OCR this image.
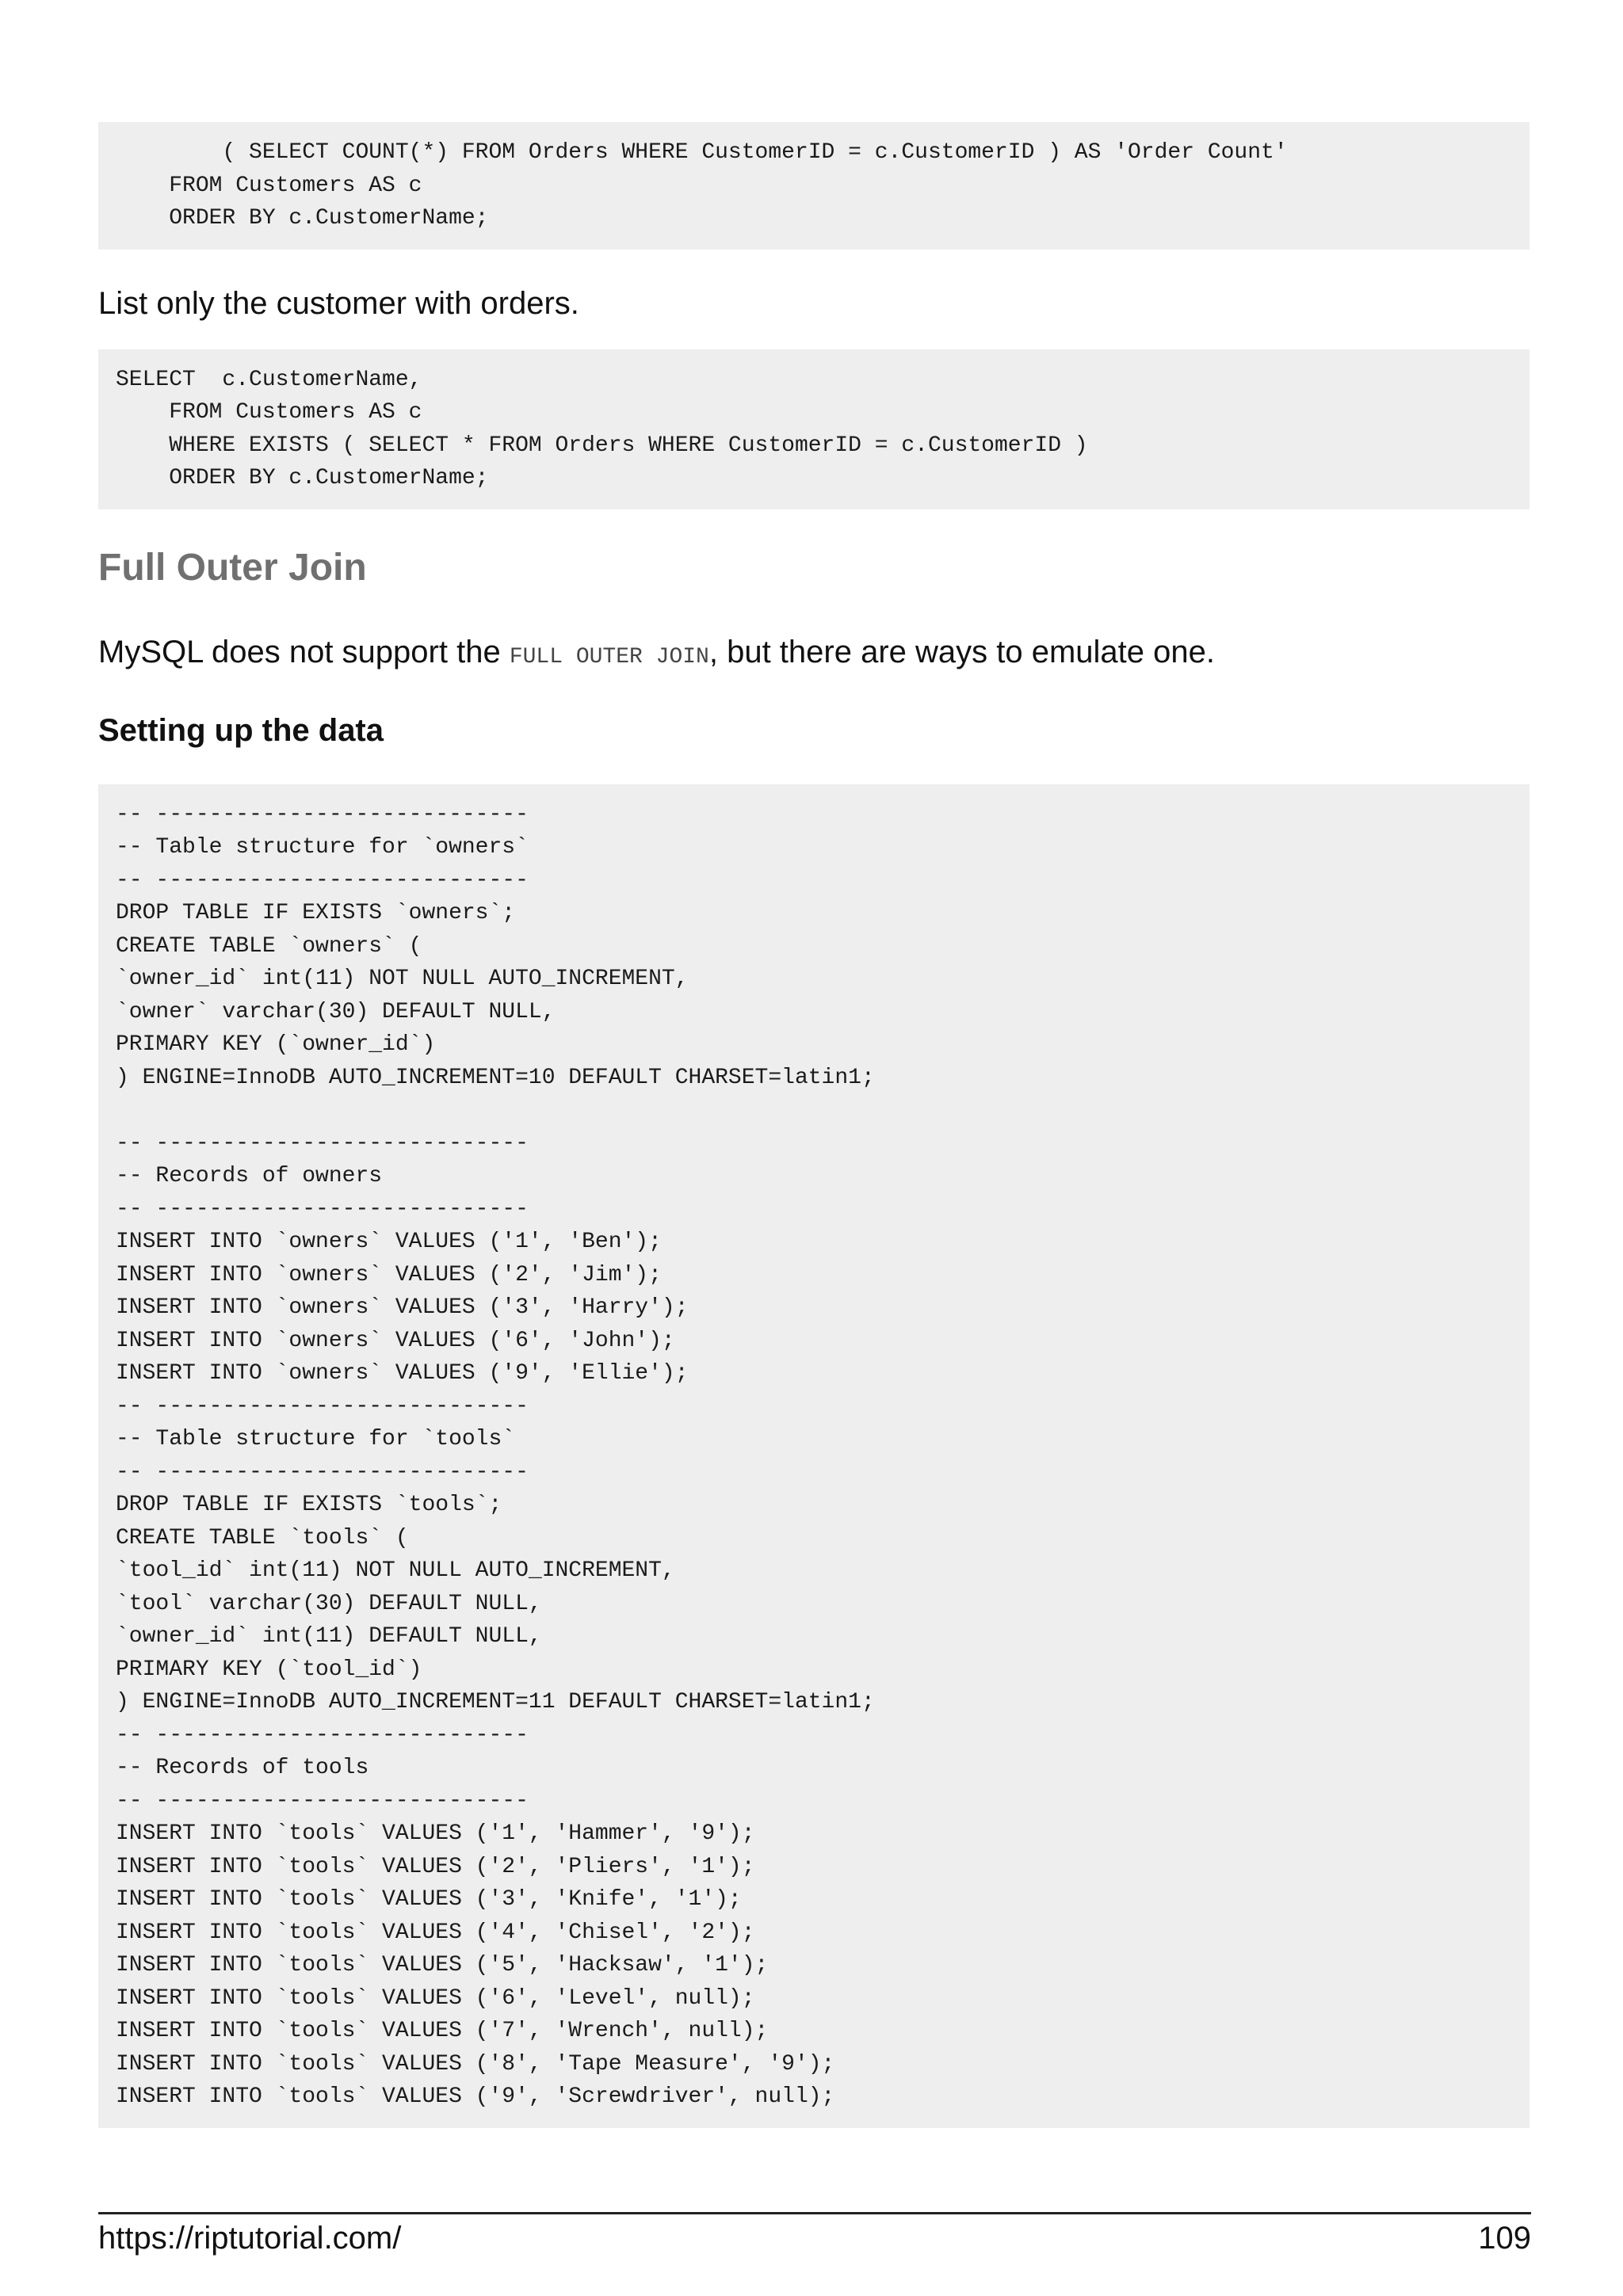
( SELECT COUNT(*) FROM Orders WHERE CustomerID = c.CustomerID ) AS 'Order Count'
FROM Customers AS c
ORDER BY c.CustomerName;

List only the customer with orders.

SELECT  c.CustomerName,
FROM Customers AS c
WHERE EXISTS ( SELECT * FROM Orders WHERE CustomerID = c.CustomerID )
ORDER BY c.CustomerName;
Full Outer Join

MySQL does not support the FULL OUTER JOIN, but there are ways to emulate one.

Setting up the data
-- ----------------------------
-- Table structure for `owners`
-- ----------------------------
DROP TABLE IF EXISTS `owners`;
CREATE TABLE `owners` (
`owner_id` int(11) NOT NULL AUTO_INCREMENT,
`owner` varchar(30) DEFAULT NULL,
PRIMARY KEY (`owner_id`)
) ENGINE=InnoDB AUTO_INCREMENT=10 DEFAULT CHARSET=latin1;

-- ----------------------------
-- Records of owners
-- ----------------------------
INSERT INTO `owners` VALUES ('1', 'Ben');
INSERT INTO `owners` VALUES ('2', 'Jim');
INSERT INTO `owners` VALUES ('3', 'Harry');
INSERT INTO `owners` VALUES ('6', 'John');
INSERT INTO `owners` VALUES ('9', 'Ellie');
-- ----------------------------
-- Table structure for `tools`
-- ----------------------------
DROP TABLE IF EXISTS `tools`;
CREATE TABLE `tools` (
`tool_id` int(11) NOT NULL AUTO_INCREMENT,
`tool` varchar(30) DEFAULT NULL,
`owner_id` int(11) DEFAULT NULL,
PRIMARY KEY (`tool_id`)
) ENGINE=InnoDB AUTO_INCREMENT=11 DEFAULT CHARSET=latin1;
-- ----------------------------
-- Records of tools
-- ----------------------------
INSERT INTO `tools` VALUES ('1', 'Hammer', '9');
INSERT INTO `tools` VALUES ('2', 'Pliers', '1');
INSERT INTO `tools` VALUES ('3', 'Knife', '1');
INSERT INTO `tools` VALUES ('4', 'Chisel', '2');
INSERT INTO `tools` VALUES ('5', 'Hacksaw', '1');
INSERT INTO `tools` VALUES ('6', 'Level', null);
INSERT INTO `tools` VALUES ('7', 'Wrench', null);
INSERT INTO `tools` VALUES ('8', 'Tape Measure', '9');
INSERT INTO `tools` VALUES ('9', 'Screwdriver', null);
https://riptutorial.com/	109
